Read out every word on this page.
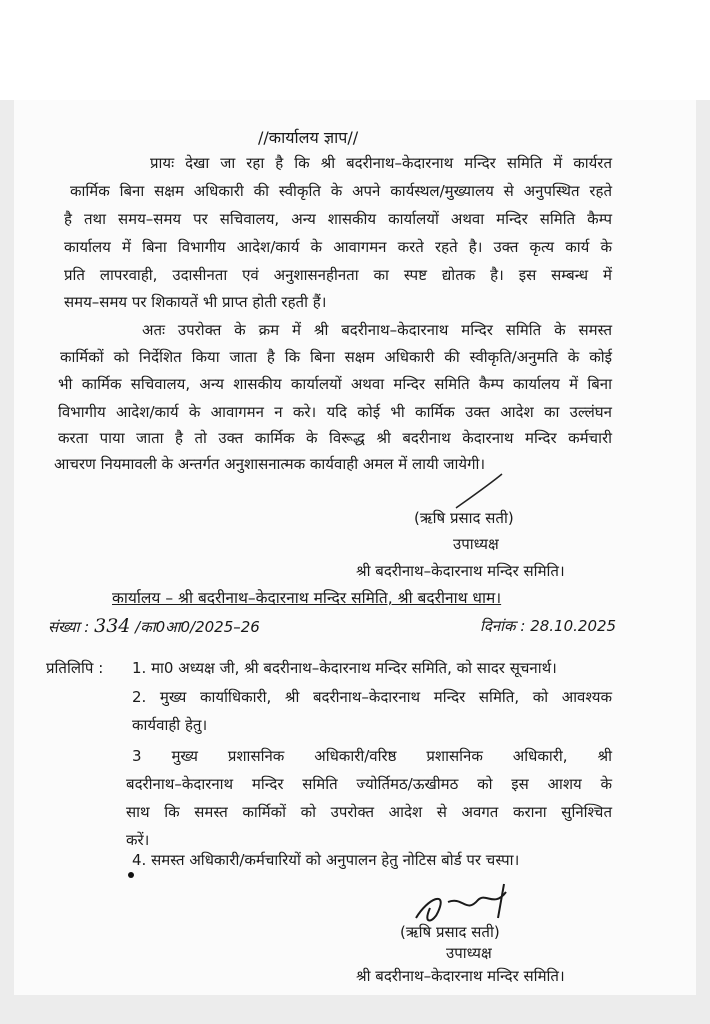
//कार्यालय ज्ञाप//
प्रायः देखा जा रहा है कि श्री बदरीनाथ–केदारनाथ मन्दिर समिति में कार्यरत
कार्मिक बिना सक्षम अधिकारी की स्वीकृति के अपने कार्यस्थल/मुख्यालय से अनुपस्थित रहते
है तथा समय–समय पर सचिवालय, अन्य शासकीय कार्यालयों अथवा मन्दिर समिति कैम्प
कार्यालय में बिना विभागीय आदेश/कार्य के आवागमन करते रहते है। उक्त कृत्य कार्य के
प्रति लापरवाही, उदासीनता एवं अनुशासनहीनता का स्पष्ट द्योतक है। इस सम्बन्ध में
समय–समय पर शिकायतें भी प्राप्त होती रहती हैं।
अतः उपरोक्त के क्रम में श्री बदरीनाथ–केदारनाथ मन्दिर समिति के समस्त
कार्मिकों को निर्देशित किया जाता है कि बिना सक्षम अधिकारी की स्वीकृति/अनुमति के कोई
भी कार्मिक सचिवालय, अन्य शासकीय कार्यालयों अथवा मन्दिर समिति कैम्प कार्यालय में बिना
विभागीय आदेश/कार्य के आवागमन न करे। यदि कोई भी कार्मिक उक्त आदेश का उल्लंघन
करता पाया जाता है तो उक्त कार्मिक के विरूद्ध श्री बदरीनाथ केदारनाथ मन्दिर कर्मचारी
आचरण नियमावली के अन्तर्गत अनुशासनात्मक कार्यवाही अमल में लायी जायेगी।
(ऋषि प्रसाद सती)
उपाध्यक्ष
श्री बदरीनाथ–केदारनाथ मन्दिर समिति।
कार्यालय – श्री बदरीनाथ–केदारनाथ मन्दिर समिति, श्री बदरीनाथ धाम।
संख्या : 334 /का0आ0/2025–26	दिनांक : 28.10.2025
प्रतिलिपि : 1. मा0 अध्यक्ष जी, श्री बदरीनाथ–केदारनाथ मन्दिर समिति, को सादर सूचनार्थ।
2. मुख्य कार्याधिकारी, श्री बदरीनाथ–केदारनाथ मन्दिर समिति, को आवश्यक
कार्यवाही हेतु।
3 मुख्य प्रशासनिक अधिकारी/वरिष्ठ प्रशासनिक अधिकारी, श्री
बदरीनाथ–केदारनाथ मन्दिर समिति ज्योर्तिमठ/ऊखीमठ को इस आशय के
साथ कि समस्त कार्मिकों को उपरोक्त आदेश से अवगत कराना सुनिश्चित
करें।
4. समस्त अधिकारी/कर्मचारियों को अनुपालन हेतु नोटिस बोर्ड पर चस्पा।
(ऋषि प्रसाद सती)
उपाध्यक्ष
श्री बदरीनाथ–केदारनाथ मन्दिर समिति।
